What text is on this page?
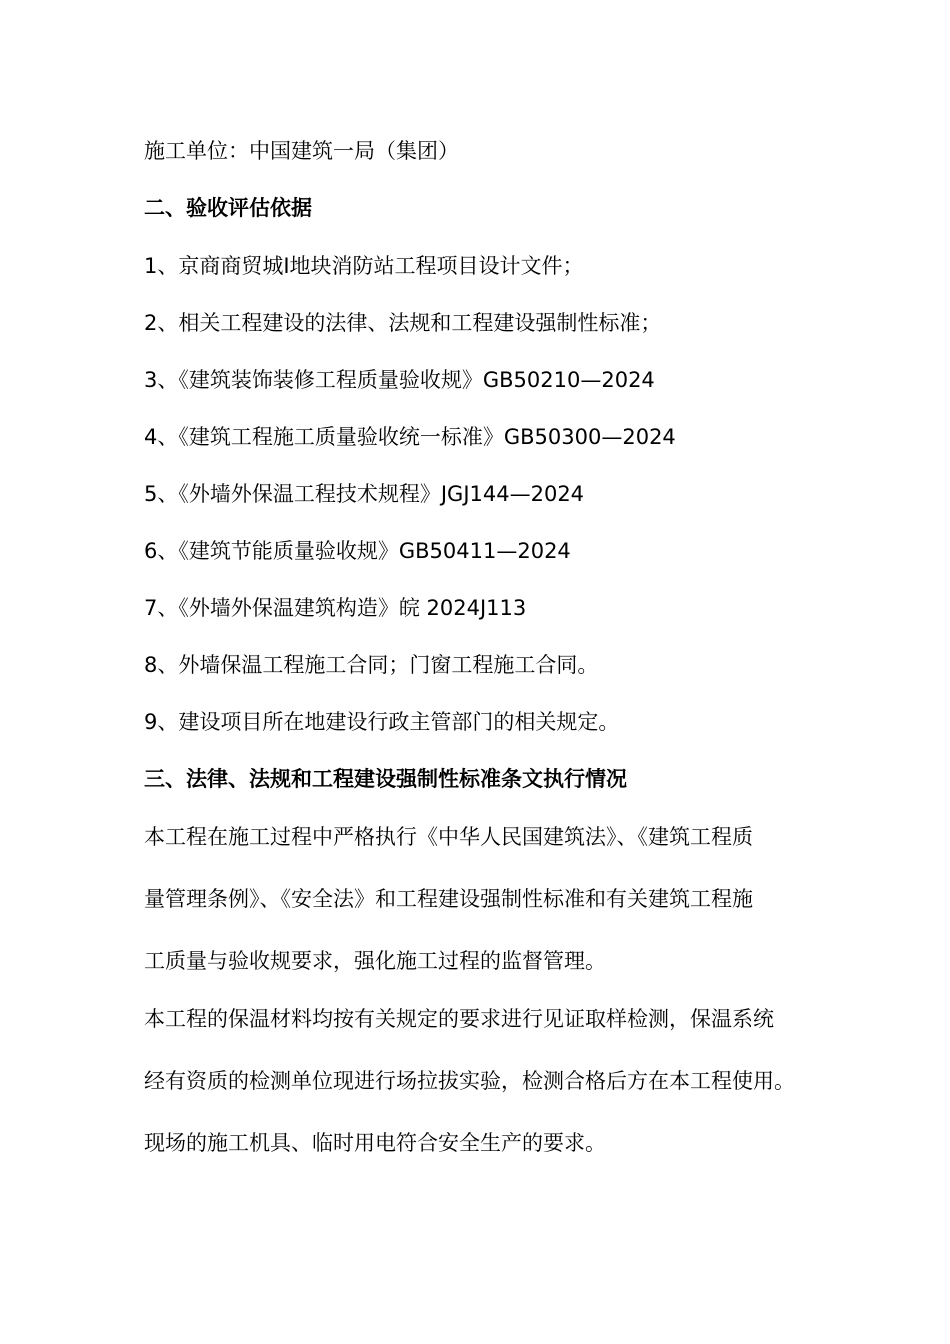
施工单位：中国建筑一局（集团）
二、验收评估依据
1、京商商贸城Ⅰ地块消防站工程项目设计文件；
2、相关工程建设的法律、法规和工程建设强制性标准；
3、《建筑装饰装修工程质量验收规》GB50210—2024
4、《建筑工程施工质量验收统一标准》GB50300—2024
5、《外墙外保温工程技术规程》JGJ144—2024
6、《建筑节能质量验收规》GB50411—2024
7、《外墙外保温建筑构造》皖 2024J113
8、外墙保温工程施工合同；门窗工程施工合同。
9、建设项目所在地建设行政主管部门的相关规定。
三、法律、法规和工程建设强制性标准条文执行情况
本工程在施工过程中严格执行《中华人民国建筑法》、《建筑工程质
量管理条例》、《安全法》和工程建设强制性标准和有关建筑工程施
工质量与验收规要求，强化施工过程的监督管理。
本工程的保温材料均按有关规定的要求进行见证取样检测，保温系统
经有资质的检测单位现进行场拉拔实验，检测合格后方在本工程使用。
现场的施工机具、临时用电符合安全生产的要求。
